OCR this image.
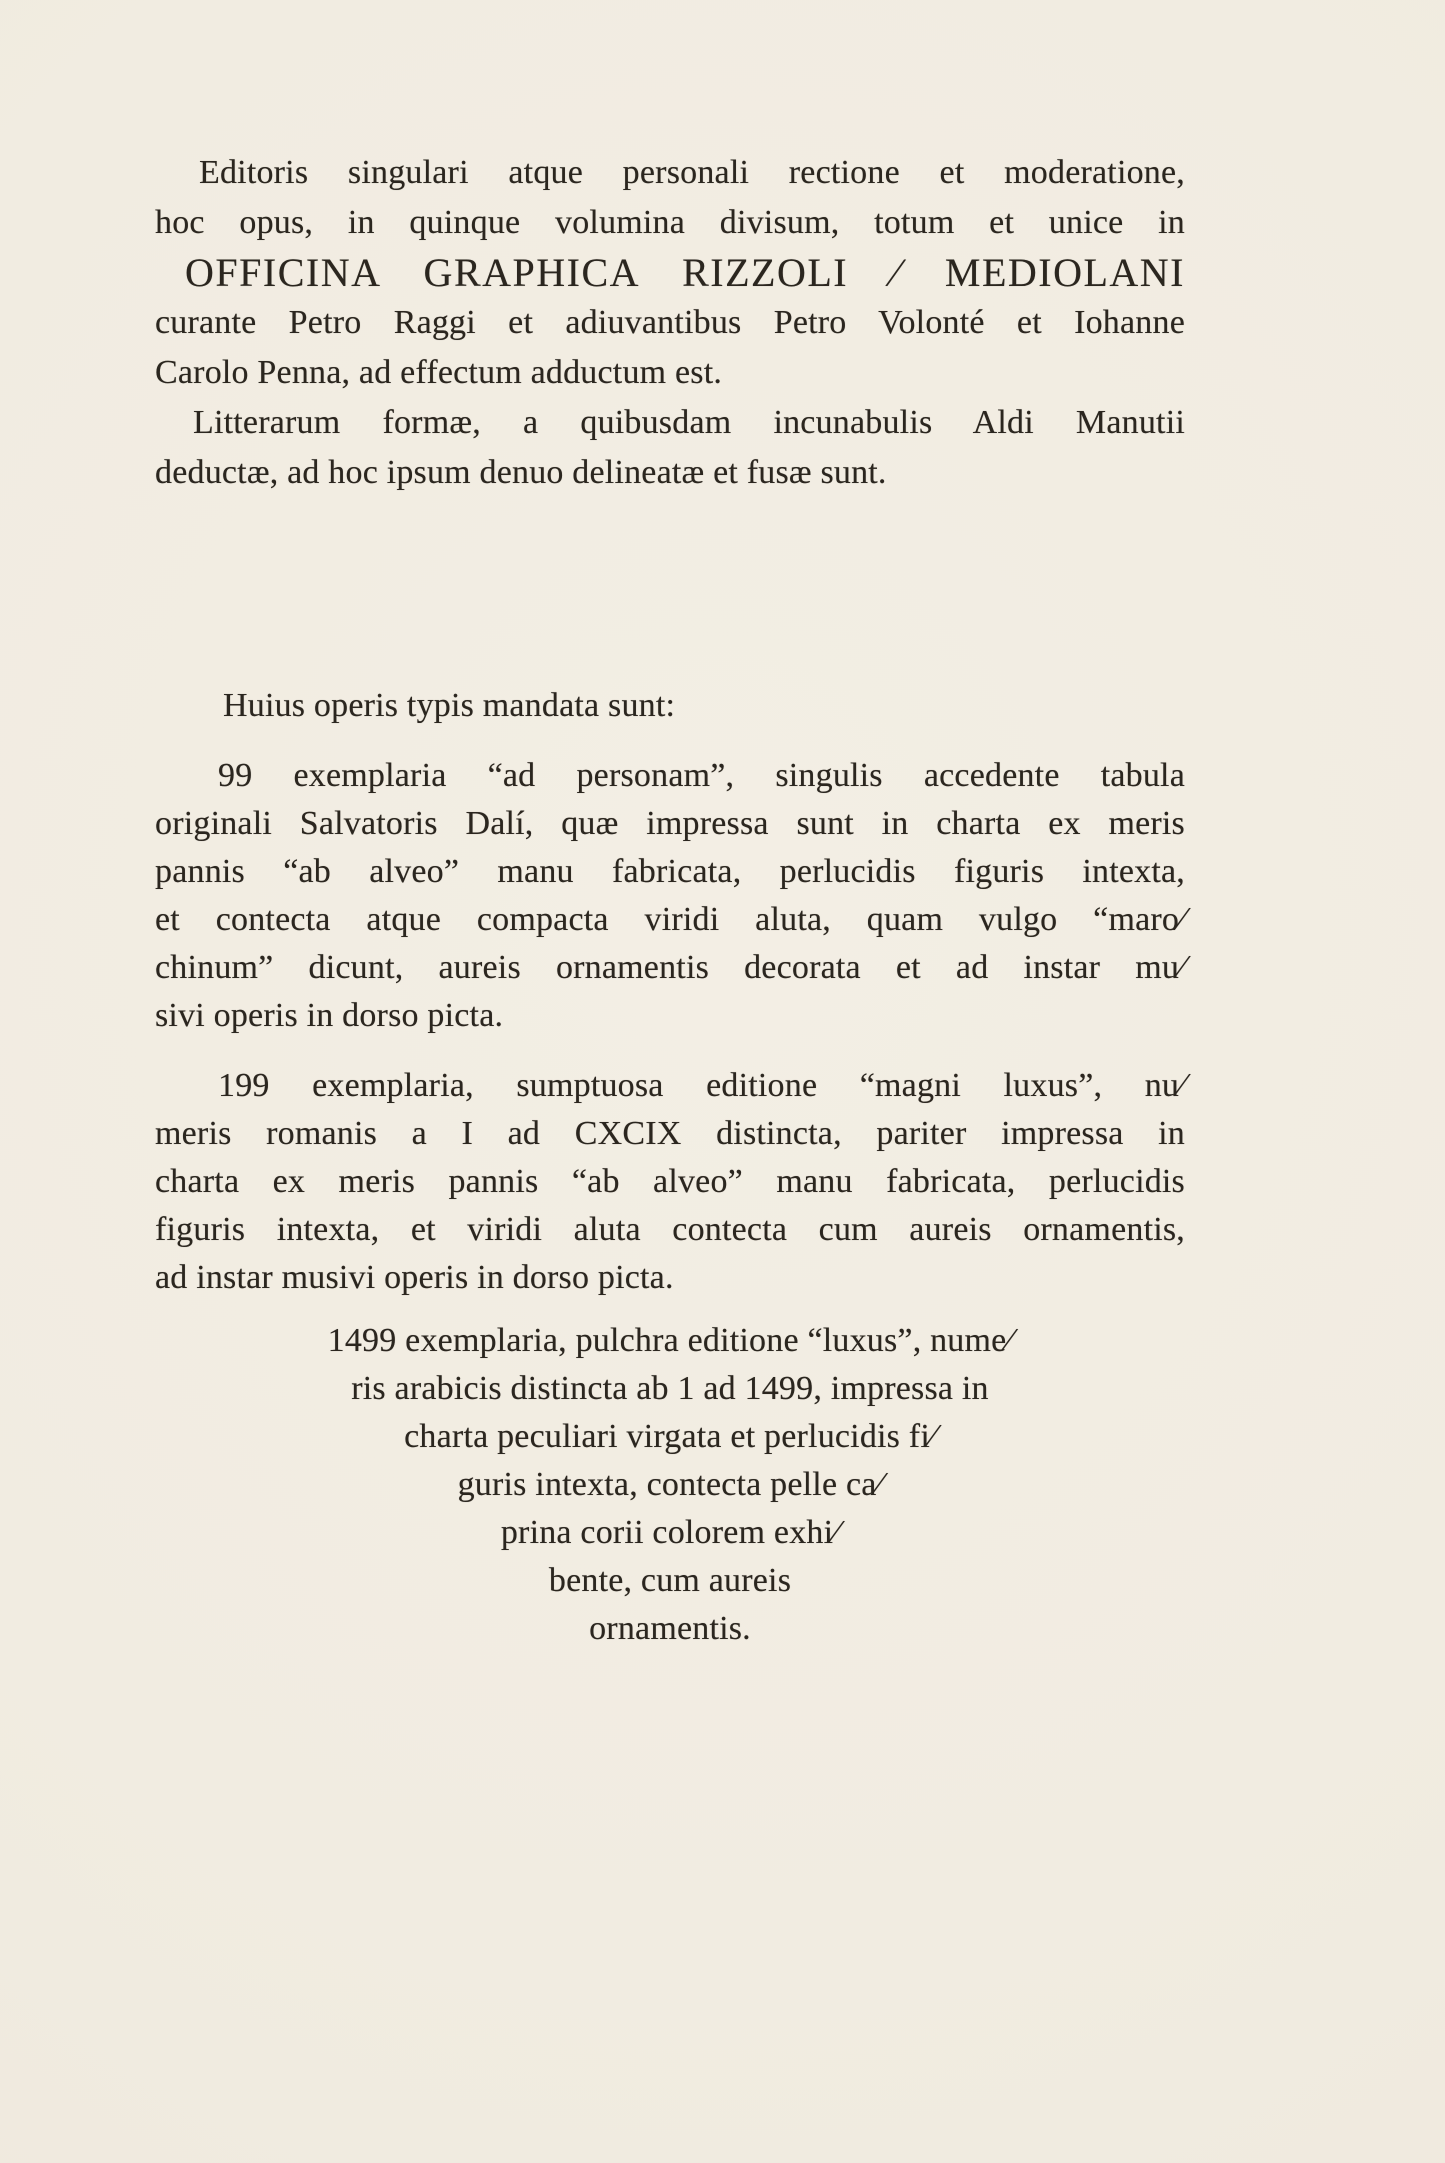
Editoris singulari atque personali rectione et moderatione,
hoc opus, in quinque volumina divisum, totum et unice in
OFFICINA GRAPHICA RIZZOLI ⁄ MEDIOLANI
curante Petro Raggi et adiuvantibus Petro Volonté et Iohanne
Carolo Penna, ad effectum adductum est.

Litterarum formæ, a quibusdam incunabulis Aldi Manutii
deductæ, ad hoc ipsum denuo delineatæ et fusæ sunt.

Huius operis typis mandata sunt:

99 exemplaria “ad personam”, singulis accedente tabula
originali Salvatoris Dalí, quæ impressa sunt in charta ex meris
pannis “ab alveo” manu fabricata, perlucidis figuris intexta,
et contecta atque compacta viridi aluta, quam vulgo “maro⁄
chinum” dicunt, aureis ornamentis decorata et ad instar mu⁄
sivi operis in dorso picta.

199 exemplaria, sumptuosa editione “magni luxus”, nu⁄
meris romanis a I ad CXCIX distincta, pariter impressa in
charta ex meris pannis “ab alveo” manu fabricata, perlucidis
figuris intexta, et viridi aluta contecta cum aureis ornamentis,
ad instar musivi operis in dorso picta.

1499 exemplaria, pulchra editione “luxus”, nume⁄
ris arabicis distincta ab 1 ad 1499, impressa in
charta peculiari virgata et perlucidis fi⁄
guris intexta, contecta pelle ca⁄
prina corii colorem exhi⁄
bente, cum aureis
ornamentis.
